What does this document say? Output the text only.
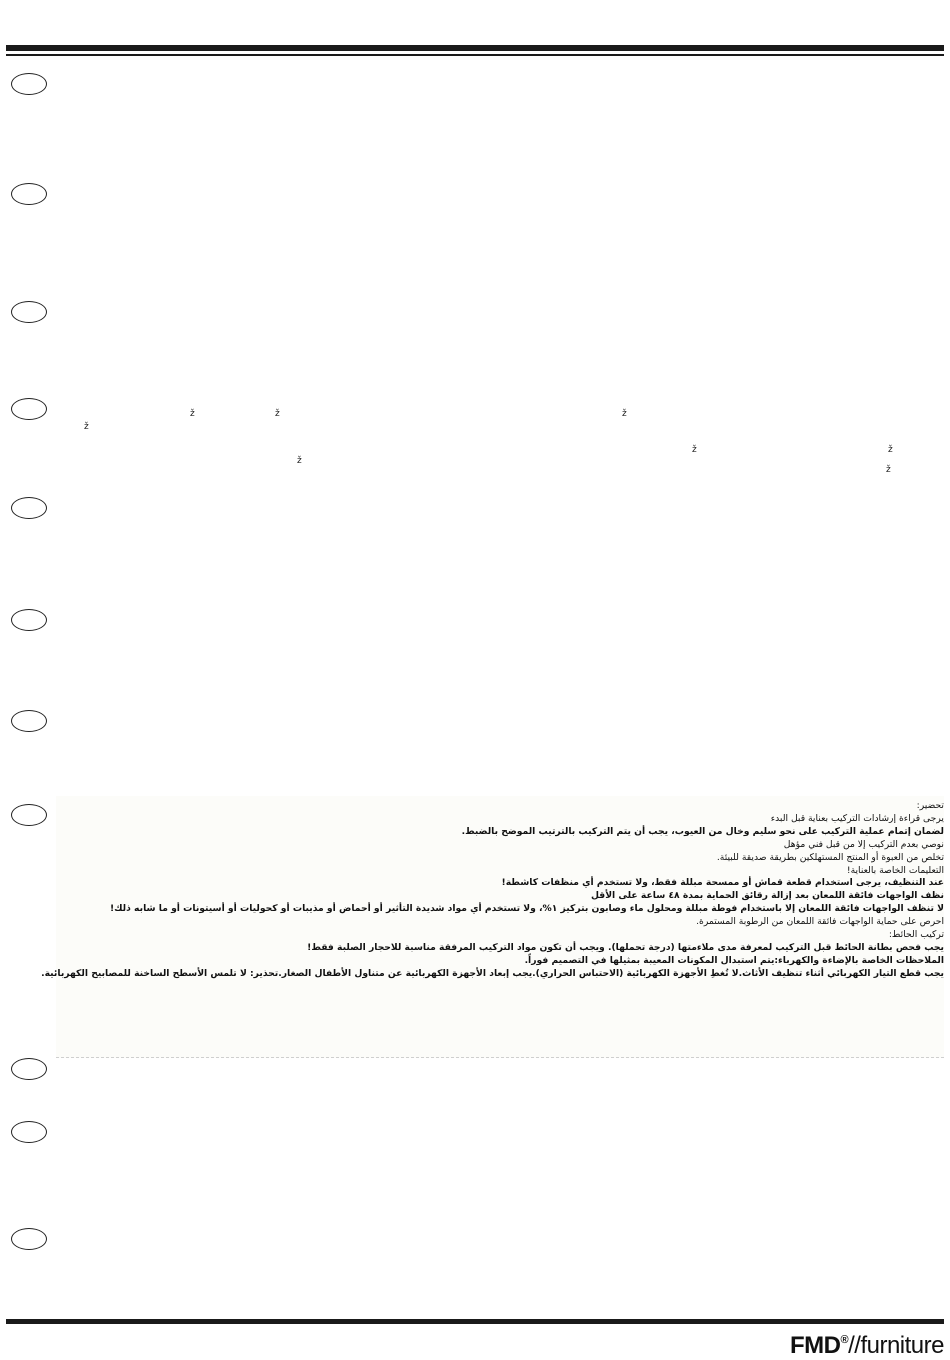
ž	ž	ž
ž
ž	ž
ž
ž

تحضير:

يرجى قراءة إرشادات التركيب بعناية قبل البدء

لضمان إتمام عملية التركيب على نحو سليم وخال من العيوب، يجب أن يتم التركيب بالترتيب الموضح بالضبط.

نوصي بعدم التركيب إلا من قبل فني مؤهل

تخلص من العبوة أو المنتج المستهلكين بطريقة صديقة للبيئة.

التعليمات الخاصة بالعناية!

عند التنظيف، يرجى استخدام قطعة قماش أو ممسحة مبللة فقط، ولا تستخدم أي منظفات كاشطة!

نظف الواجهات فائقة اللمعان بعد إزالة رقائق الحماية بمدة ٤٨ ساعة على الأقل

لا تنظف الواجهات فائقة اللمعان إلا باستخدام فوطة مبللة ومحلول ماء وصابون بتركيز ١%، ولا تستخدم أي مواد شديدة التأثير أو أحماض أو مذيبات أو كحوليات أو أسيتونات أو ما شابه ذلك!

احرص على حماية الواجهات فائقة اللمعان من الرطوبة المستمرة.

تركيب الحائط:

يجب فحص بطانة الحائط قبل التركيب لمعرفة مدى ملاءمتها (درجة تحملها). ويجب أن تكون مواد التركيب المرفقة مناسبة للاحجار الصلبة فقط!

الملاحظات الخاصة بالإضاءة والكهرباء:يتم استبدال المكونات المعيبة بمثيلها في التصميم فوراً.

يجب قطع التيار الكهربائي أثناء تنظيف الأثاث.لا تُغطِ الأجهزة الكهربائية (الاحتباس الحراري).يجب إبعاد الأجهزة الكهربائية عن متناول الأطفال الصغار.تحذير: لا تلمس الأسطح الساخنة للمصابيح الكهربائية.

FMD®//furniture
